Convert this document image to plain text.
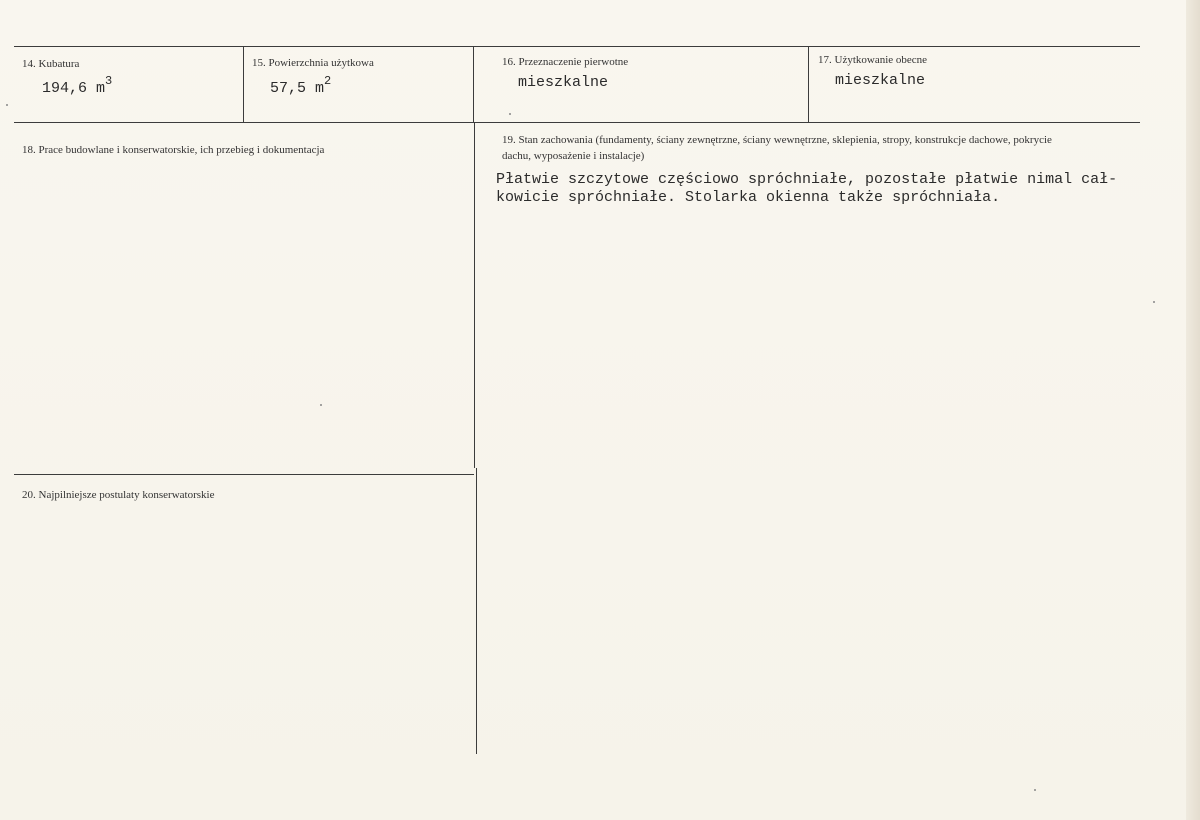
14. Kubatura
194,6 $m^3$
15. Powierzchnia użytkowa
57,5 $m^2$
16. Przeznaczenie pierwotne
mieszkalne
17. Użytkowanie obecne
mieszkalne
18. Prace budowlane i konserwatorskie, ich przebieg i dokumentacja
19. Stan zachowania (fundamenty, ściany zewnętrzne, ściany wewnętrzne, sklepienia, stropy, konstrukcje dachowe, pokrycie dachu, wyposażenie i instalacje)
Płatwie szczytowe częściowo spróchniałe, pozostałe płatwie nimal cał-
kowicie spróchniałe. Stolarka okienna także spróchniała.
20. Najpilniejsze postulaty konserwatorskie
